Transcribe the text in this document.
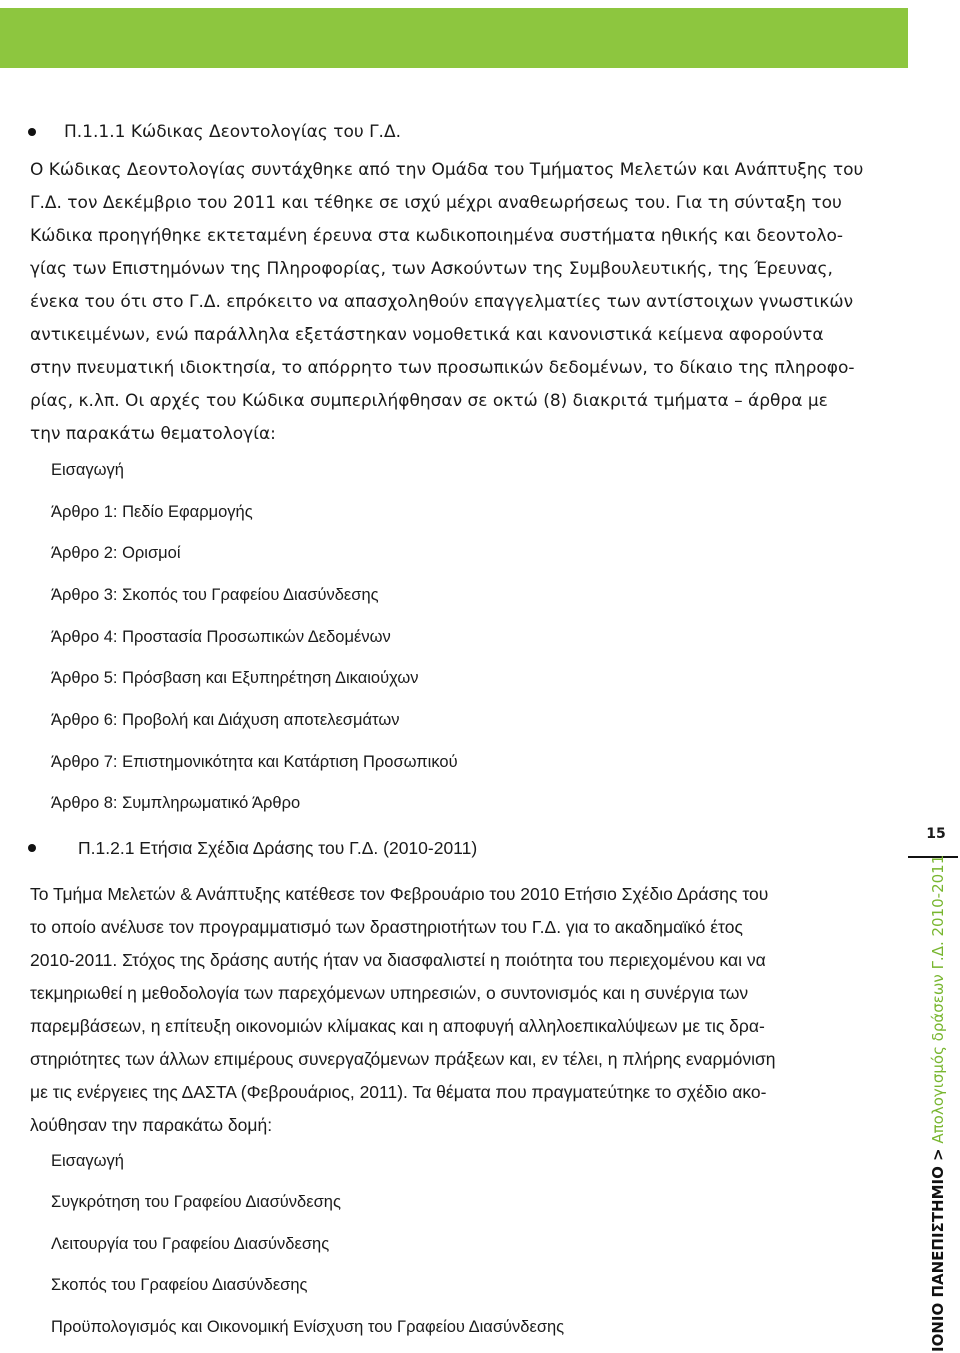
Π.1.1.1 Κώδικας Δεοντολογίας του Γ.Δ.
Ο Κώδικας Δεοντολογίας συντάχθηκε από την Ομάδα του Τμήματος Μελετών και Ανάπτυξης του
Γ.Δ. τον Δεκέμβριο του 2011 και τέθηκε σε ισχύ μέχρι αναθεωρήσεως του. Για τη σύνταξη του
Κώδικα προηγήθηκε εκτεταμένη έρευνα στα κωδικοποιημένα συστήματα ηθικής και δεοντολο-
γίας των Επιστημόνων της Πληροφορίας, των Ασκούντων της Συμβουλευτικής, της Έρευνας,
ένεκα του ότι στο Γ.Δ. επρόκειτο να απασχοληθούν επαγγελματίες των αντίστοιχων γνωστικών
αντικειμένων, ενώ παράλληλα εξετάστηκαν νομοθετικά και κανονιστικά κείμενα αφορούντα
στην πνευματική ιδιοκτησία, το απόρρητο των προσωπικών δεδομένων, το δίκαιο της πληροφο-
ρίας, κ.λπ. Οι αρχές του Κώδικα συμπεριλήφθησαν σε οκτώ (8) διακριτά τμήματα – άρθρα με
την παρακάτω θεματολογία:
Εισαγωγή
Άρθρο 1: Πεδίο Εφαρμογής
Άρθρο 2: Ορισμοί
Άρθρο 3: Σκοπός του Γραφείου Διασύνδεσης
Άρθρο 4: Προστασία Προσωπικών Δεδομένων
Άρθρο 5: Πρόσβαση και Εξυπηρέτηση Δικαιούχων
Άρθρο 6: Προβολή και Διάχυση αποτελεσμάτων
Άρθρο 7: Επιστημονικότητα και Κατάρτιση Προσωπικού
Άρθρο 8: Συμπληρωματικό Άρθρο
Π.1.2.1 Ετήσια Σχέδια Δράσης του Γ.Δ. (2010-2011)
Το Τμήμα Μελετών & Ανάπτυξης κατέθεσε τον Φεβρουάριο του 2010 Ετήσιο Σχέδιο Δράσης του
το οποίο ανέλυσε τον προγραμματισμό των δραστηριοτήτων του Γ.Δ. για το ακαδημαϊκό έτος
2010-2011. Στόχος της δράσης αυτής ήταν να διασφαλιστεί η ποιότητα του περιεχομένου και να
τεκμηριωθεί η μεθοδολογία των παρεχόμενων υπηρεσιών, ο συντονισμός και η συνέργια των
παρεμβάσεων, η επίτευξη οικονομιών κλίμακας και η αποφυγή αλληλοεπικαλύψεων με τις δρα-
στηριότητες των άλλων επιμέρους συνεργαζόμενων πράξεων και, εν τέλει, η πλήρης εναρμόνιση
με τις ενέργειες της ΔΑΣΤΑ (Φεβρουάριος, 2011). Τα θέματα που πραγματεύτηκε το σχέδιο ακο-
λούθησαν την παρακάτω δομή:
Εισαγωγή
Συγκρότηση του Γραφείου Διασύνδεσης
Λειτουργία του Γραφείου Διασύνδεσης
Σκοπός του Γραφείου Διασύνδεσης
Προϋπολογισμός και Οικονομική Ενίσχυση του Γραφείου Διασύνδεσης
15
ΙΟΝΙΟ ΠΑΝΕΠΙΣΤΗΜΙΟ > Απολογισμός δράσεων Γ.Δ. 2010-2011
